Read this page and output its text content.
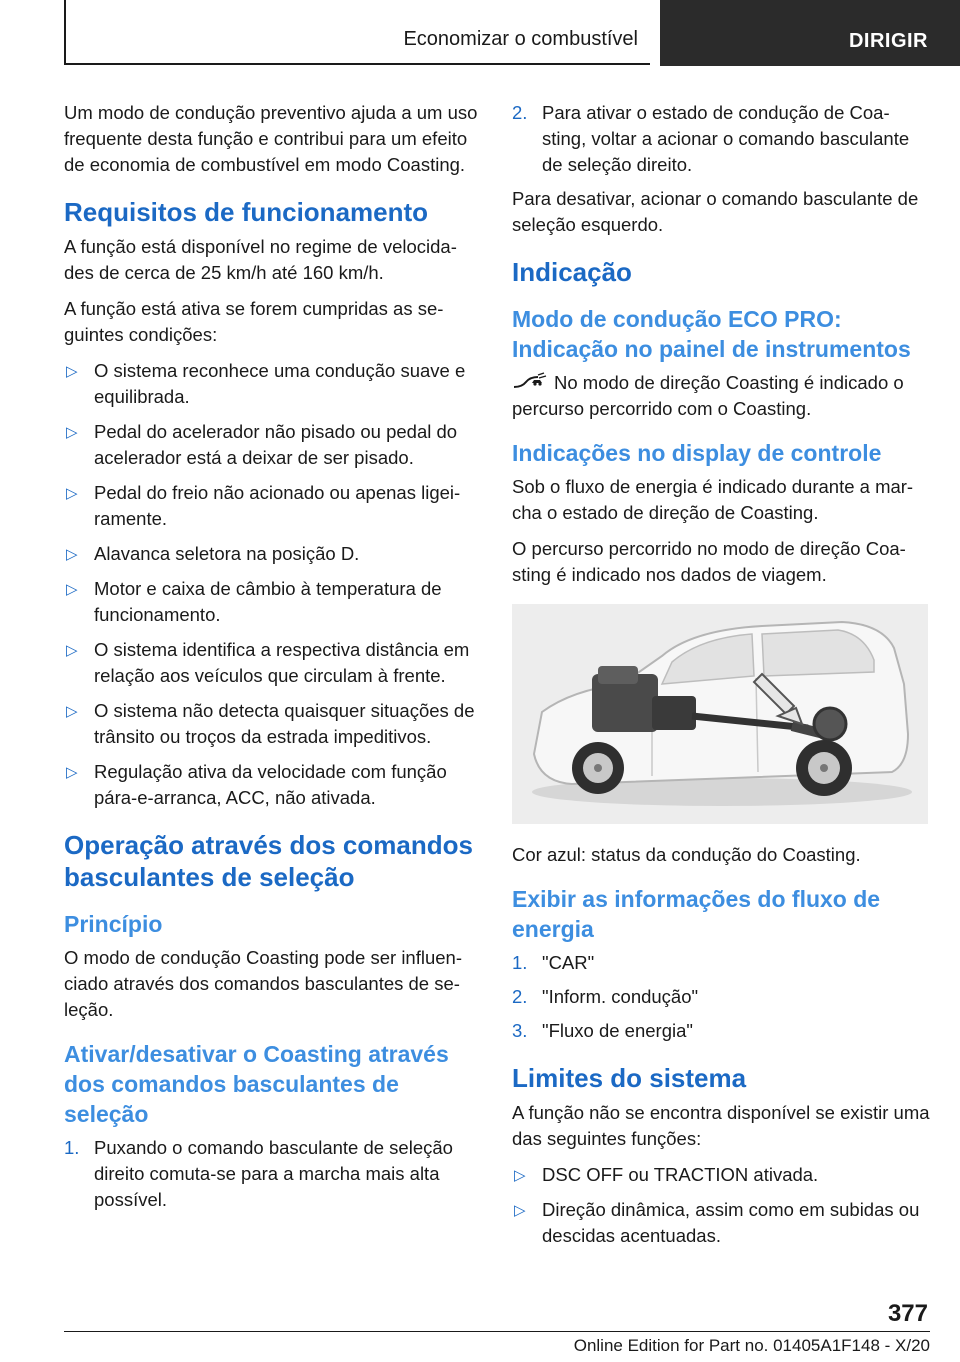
Economizar o combustível	DIRIGIR

Um modo de condução preventivo ajuda a um uso frequente desta função e contribui para um efeito de economia de combustível em modo Coasting.

Requisitos de funcionamento

A função está disponível no regime de velocida-des de cerca de 25 km/h até 160 km/h.

A função está ativa se forem cumpridas as se-guintes condições:

▷ O sistema reconhece uma condução suave e equilibrada.
▷ Pedal do acelerador não pisado ou pedal do acelerador está a deixar de ser pisado.
▷ Pedal do freio não acionado ou apenas ligei-ramente.
▷ Alavanca seletora na posição D.
▷ Motor e caixa de câmbio à temperatura de funcionamento.
▷ O sistema identifica a respectiva distância em relação aos veículos que circulam à frente.
▷ O sistema não detecta quaisquer situações de trânsito ou troços da estrada impeditivos.
▷ Regulação ativa da velocidade com função pára-e-arranca, ACC, não ativada.
Operação através dos comandos basculantes de seleção
Princípio

O modo de condução Coasting pode ser influen-ciado através dos comandos basculantes de se-leção.

Ativar/desativar o Coasting através dos comandos basculantes de seleção
1. Puxando o comando basculante de seleção direito comuta-se para a marcha mais alta possível.
2. Para ativar o estado de condução de Coa-sting, voltar a acionar o comando basculante de seleção direito.

Para desativar, acionar o comando basculante de seleção esquerdo.

Indicação
Modo de condução ECO PRO: Indicação no painel de instrumentos

No modo de direção Coasting é indicado o percurso percorrido com o Coasting.

Indicações no display de controle

Sob o fluxo de energia é indicado durante a mar-cha o estado de direção de Coasting.

O percurso percorrido no modo de direção Coa-sting é indicado nos dados de viagem.

Cor azul: status da condução do Coasting.

Exibir as informações do fluxo de energia
1. "CAR"
2. "Inform. condução"
3. "Fluxo de energia"
Limites do sistema

A função não se encontra disponível se existir uma das seguintes funções:

▷ DSC OFF ou TRACTION ativada.
▷ Direção dinâmica, assim como em subidas ou descidas acentuadas.
377
Online Edition for Part no. 01405A1F148 - X/20
